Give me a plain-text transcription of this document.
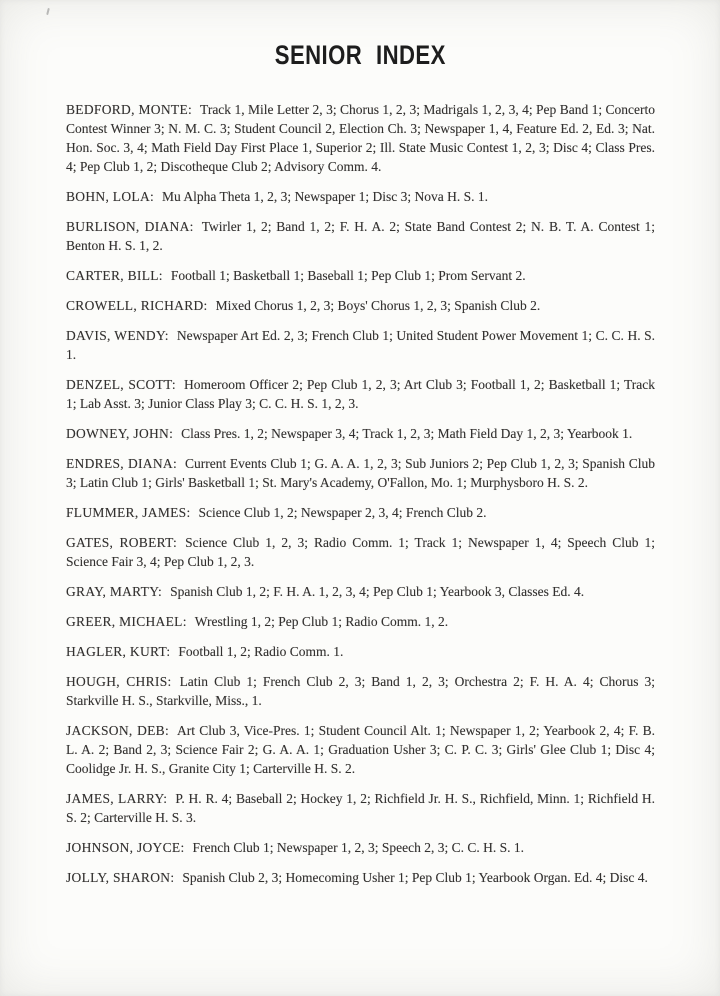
SENIOR INDEX

BEDFORD, MONTE: Track 1, Mile Letter 2, 3; Chorus 1, 2, 3; Madrigals 1, 2, 3, 4; Pep Band 1; Concerto Contest Winner 3; N. M. C. 3; Student Council 2, Election Ch. 3; Newspaper 1, 4, Feature Ed. 2, Ed. 3; Nat. Hon. Soc. 3, 4; Math Field Day First Place 1, Superior 2; Ill. State Music Contest 1, 2, 3; Disc 4; Class Pres. 4; Pep Club 1, 2; Discotheque Club 2; Advisory Comm. 4.

BOHN, LOLA: Mu Alpha Theta 1, 2, 3; Newspaper 1; Disc 3; Nova H. S. 1.

BURLISON, DIANA: Twirler 1, 2; Band 1, 2; F. H. A. 2; State Band Contest 2; N. B. T. A. Contest 1; Benton H. S. 1, 2.

CARTER, BILL: Football 1; Basketball 1; Baseball 1; Pep Club 1; Prom Servant 2.

CROWELL, RICHARD: Mixed Chorus 1, 2, 3; Boys' Chorus 1, 2, 3; Spanish Club 2.

DAVIS, WENDY: Newspaper Art Ed. 2, 3; French Club 1; United Student Power Movement 1; C. C. H. S. 1.

DENZEL, SCOTT: Homeroom Officer 2; Pep Club 1, 2, 3; Art Club 3; Football 1, 2; Basketball 1; Track 1; Lab Asst. 3; Junior Class Play 3; C. C. H. S. 1, 2, 3.

DOWNEY, JOHN: Class Pres. 1, 2; Newspaper 3, 4; Track 1, 2, 3; Math Field Day 1, 2, 3; Yearbook 1.

ENDRES, DIANA: Current Events Club 1; G. A. A. 1, 2, 3; Sub Juniors 2; Pep Club 1, 2, 3; Spanish Club 3; Latin Club 1; Girls' Basketball 1; St. Mary's Academy, O'Fallon, Mo. 1; Murphysboro H. S. 2.

FLUMMER, JAMES: Science Club 1, 2; Newspaper 2, 3, 4; French Club 2.

GATES, ROBERT: Science Club 1, 2, 3; Radio Comm. 1; Track 1; Newspaper 1, 4; Speech Club 1; Science Fair 3, 4; Pep Club 1, 2, 3.

GRAY, MARTY: Spanish Club 1, 2; F. H. A. 1, 2, 3, 4; Pep Club 1; Yearbook 3, Classes Ed. 4.

GREER, MICHAEL: Wrestling 1, 2; Pep Club 1; Radio Comm. 1, 2.

HAGLER, KURT: Football 1, 2; Radio Comm. 1.

HOUGH, CHRIS: Latin Club 1; French Club 2, 3; Band 1, 2, 3; Orchestra 2; F. H. A. 4; Chorus 3; Starkville H. S., Starkville, Miss., 1.

JACKSON, DEB: Art Club 3, Vice-Pres. 1; Student Council Alt. 1; Newspaper 1, 2; Yearbook 2, 4; F. B. L. A. 2; Band 2, 3; Science Fair 2; G. A. A. 1; Graduation Usher 3; C. P. C. 3; Girls' Glee Club 1; Disc 4; Coolidge Jr. H. S., Granite City 1; Carterville H. S. 2.

JAMES, LARRY: P. H. R. 4; Baseball 2; Hockey 1, 2; Richfield Jr. H. S., Richfield, Minn. 1; Richfield H. S. 2; Carterville H. S. 3.

JOHNSON, JOYCE: French Club 1; Newspaper 1, 2, 3; Speech 2, 3; C. C. H. S. 1.

JOLLY, SHARON: Spanish Club 2, 3; Homecoming Usher 1; Pep Club 1; Yearbook Organ. Ed. 4; Disc 4.
